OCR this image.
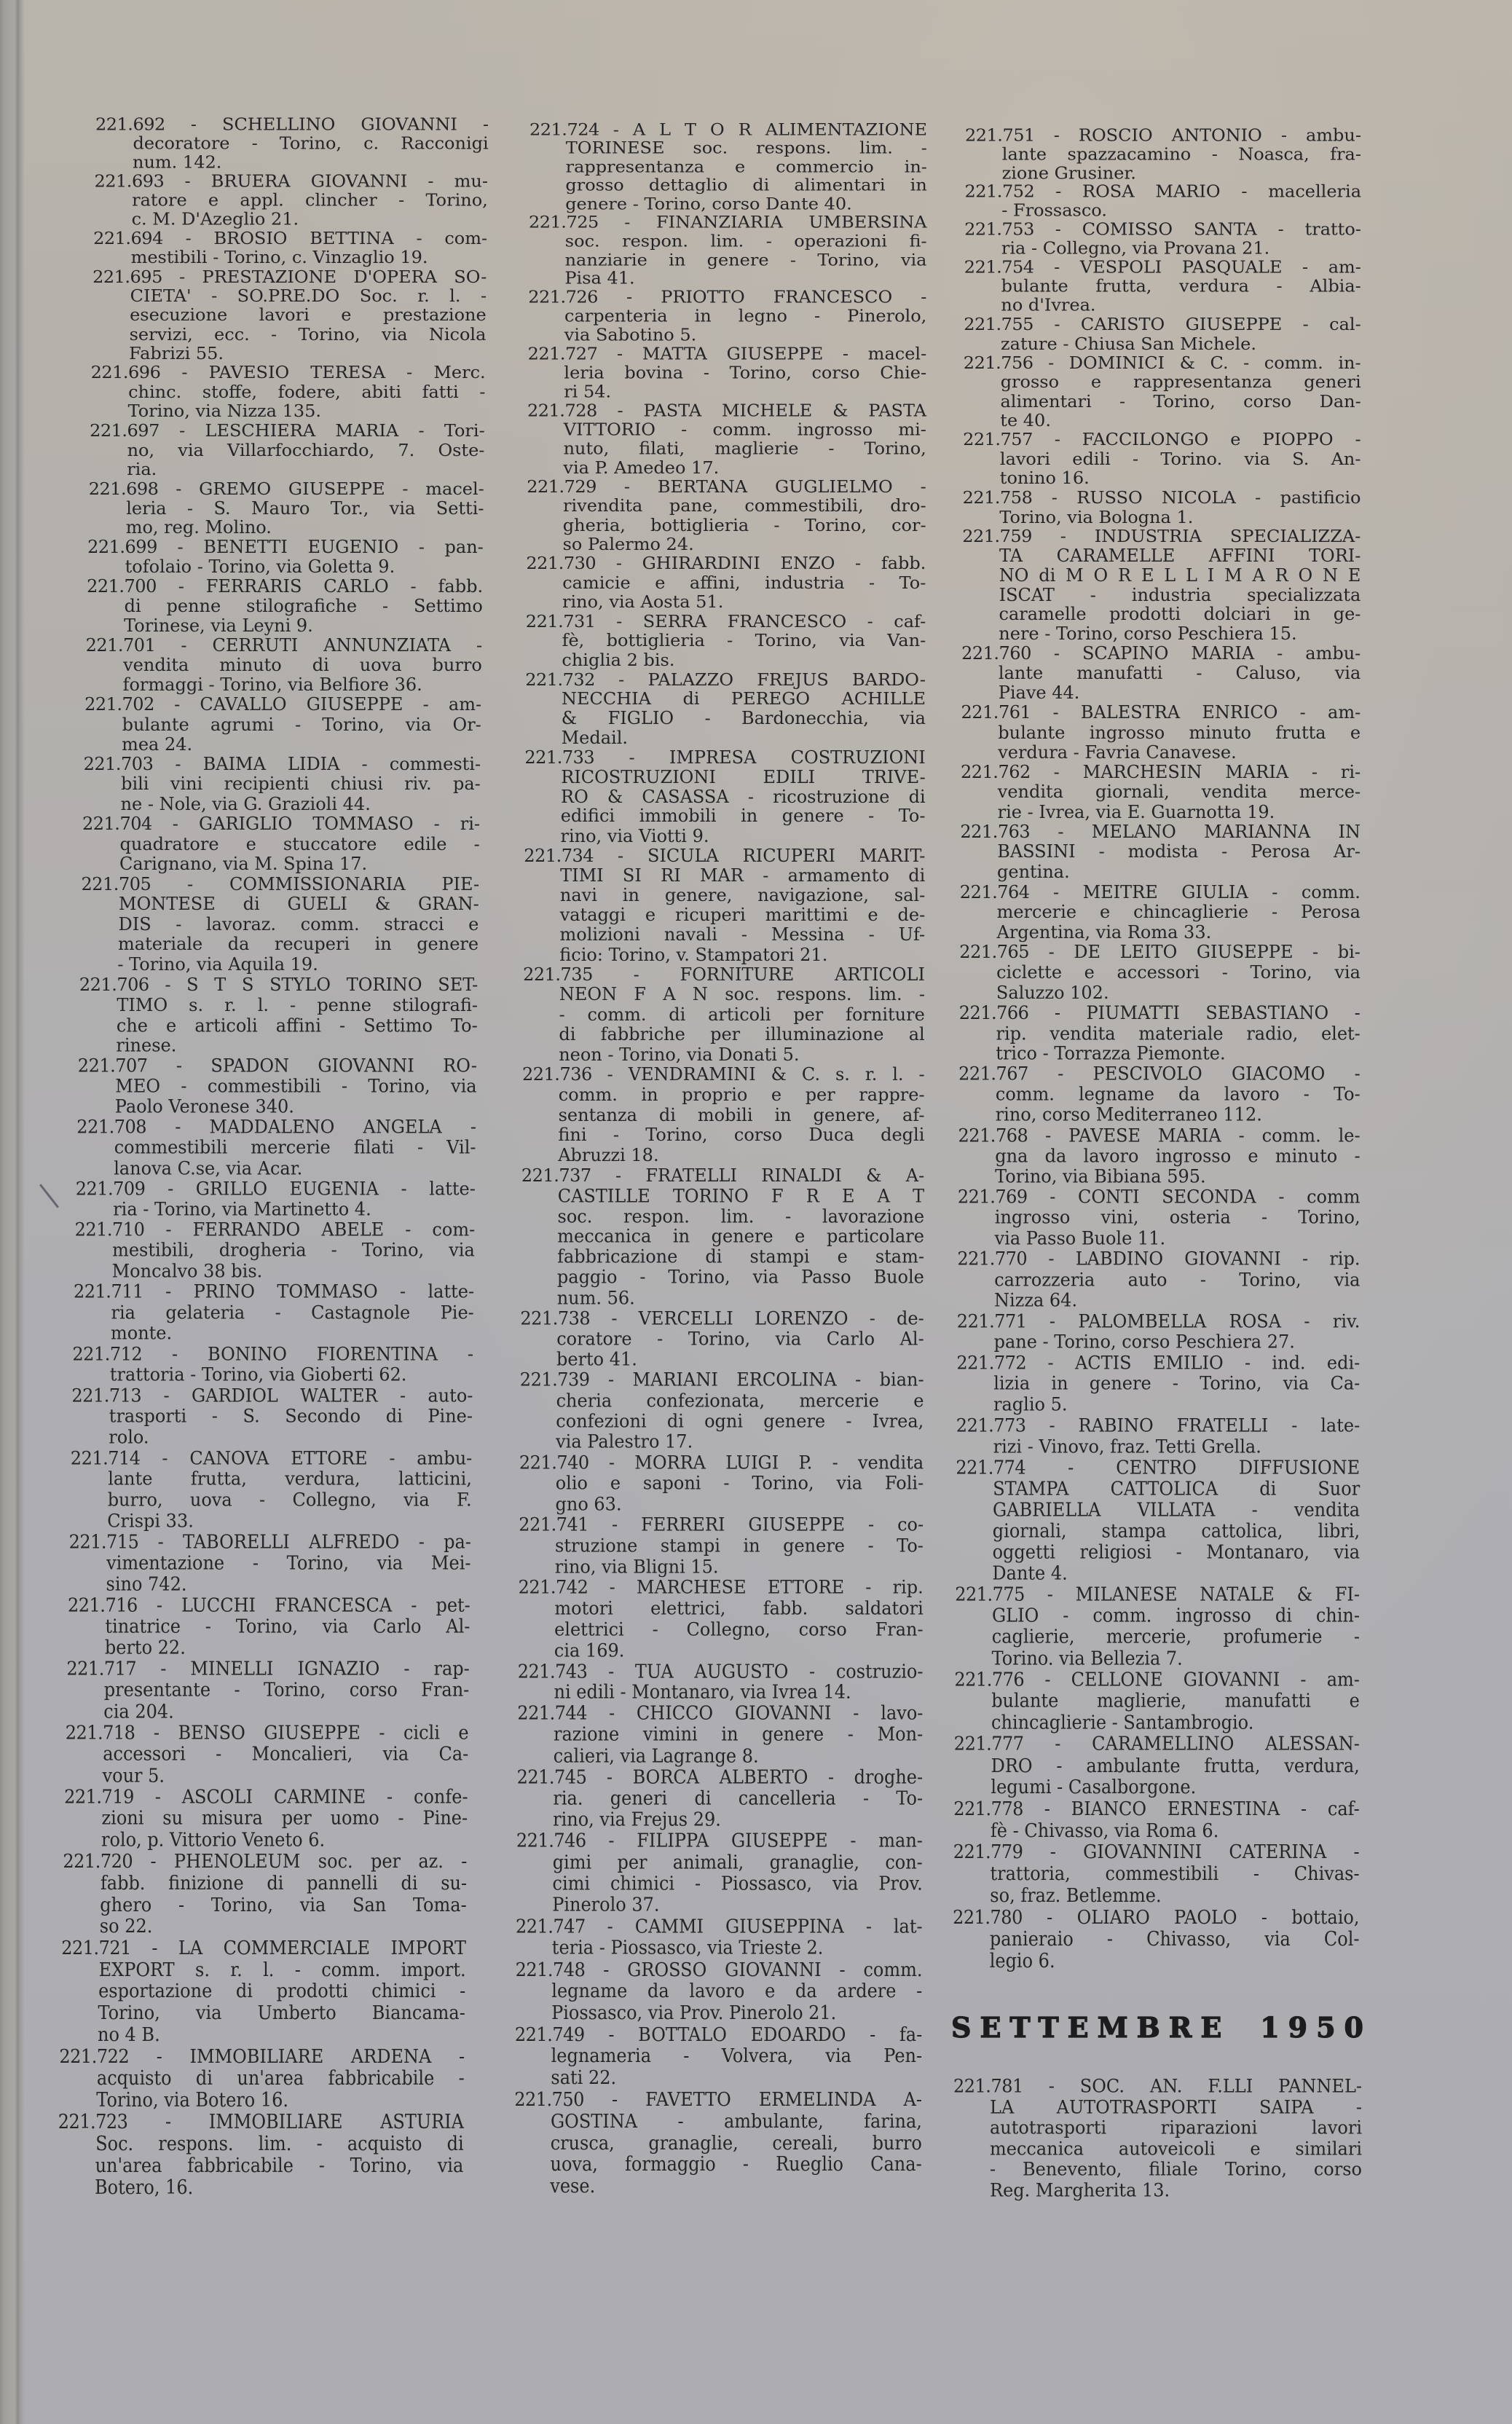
221.692 - SCHELLINO GIOVANNI -
decoratore - Torino, c. Racconigi
num. 142.
221.693 - BRUERA GIOVANNI - mu-
ratore e appl. clincher - Torino,
c. M. D'Azeglio 21.
221.694 - BROSIO BETTINA - com-
mestibili - Torino, c. Vinzaglio 19.
221.695 - PRESTAZIONE D'OPERA SO-
CIETA' - SO.PRE.DO Soc. r. l. -
esecuzione lavori e prestazione
servizi, ecc. - Torino, via Nicola
Fabrizi 55.
221.696 - PAVESIO TERESA - Merc.
chinc. stoffe, fodere, abiti fatti -
Torino, via Nizza 135.
221.697 - LESCHIERA MARIA - Tori-
no, via Villarfocchiardo, 7. Oste-
ria.
221.698 - GREMO GIUSEPPE - macel-
leria - S. Mauro Tor., via Setti-
mo, reg. Molino.
221.699 - BENETTI EUGENIO - pan-
tofolaio - Torino, via Goletta 9.
221.700 - FERRARIS CARLO - fabb.
di penne stilografiche - Settimo
Torinese, via Leyni 9.
221.701 - CERRUTI ANNUNZIATA -
vendita minuto di uova burro
formaggi - Torino, via Belfiore 36.
221.702 - CAVALLO GIUSEPPE - am-
bulante agrumi - Torino, via Or-
mea 24.
221.703 - BAIMA LIDIA - commesti-
bili vini recipienti chiusi riv. pa-
ne - Nole, via G. Grazioli 44.
221.704 - GARIGLIO TOMMASO - ri-
quadratore e stuccatore edile -
Carignano, via M. Spina 17.
221.705 - COMMISSIONARIA PIE-
MONTESE di GUELI & GRAN-
DIS - lavoraz. comm. stracci e
materiale da recuperi in genere
- Torino, via Aquila 19.
221.706 - S T S STYLO TORINO SET-
TIMO s. r. l. - penne stilografi-
che e articoli affini - Settimo To-
rinese.
221.707 - SPADON GIOVANNI RO-
MEO - commestibili - Torino, via
Paolo Veronese 340.
221.708 - MADDALENO ANGELA -
commestibili mercerie filati - Vil-
lanova C.se, via Acar.
221.709 - GRILLO EUGENIA - latte-
ria - Torino, via Martinetto 4.
221.710 - FERRANDO ABELE - com-
mestibili, drogheria - Torino, via
Moncalvo 38 bis.
221.711 - PRINO TOMMASO - latte-
ria gelateria - Castagnole Pie-
monte.
221.712 - BONINO FIORENTINA -
trattoria - Torino, via Gioberti 62.
221.713 - GARDIOL WALTER - auto-
trasporti - S. Secondo di Pine-
rolo.
221.714 - CANOVA ETTORE - ambu-
lante frutta, verdura, latticini,
burro, uova - Collegno, via F.
Crispi 33.
221.715 - TABORELLI ALFREDO - pa-
vimentazione - Torino, via Mei-
sino 742.
221.716 - LUCCHI FRANCESCA - pet-
tinatrice - Torino, via Carlo Al-
berto 22.
221.717 - MINELLI IGNAZIO - rap-
presentante - Torino, corso Fran-
cia 204.
221.718 - BENSO GIUSEPPE - cicli e
accessori - Moncalieri, via Ca-
vour 5.
221.719 - ASCOLI CARMINE - confe-
zioni su misura per uomo - Pine-
rolo, p. Vittorio Veneto 6.
221.720 - PHENOLEUM soc. per az. -
fabb. finizione di pannelli di su-
ghero - Torino, via San Toma-
so 22.
221.721 - LA COMMERCIALE IMPORT
EXPORT s. r. l. - comm. import.
esportazione di prodotti chimici -
Torino, via Umberto Biancama-
no 4 B.
221.722 - IMMOBILIARE ARDENA -
acquisto di un'area fabbricabile -
Torino, via Botero 16.
221.723 - IMMOBILIARE ASTURIA
Soc. respons. lim. - acquisto di
un'area fabbricabile - Torino, via
Botero, 16.
221.724 - A L T O R ALIMENTAZIONE
TORINESE soc. respons. lim. -
rappresentanza e commercio in-
grosso dettaglio di alimentari in
genere - Torino, corso Dante 40.
221.725 - FINANZIARIA UMBERSINA
soc. respon. lim. - operazioni fi-
nanziarie in genere - Torino, via
Pisa 41.
221.726 - PRIOTTO FRANCESCO -
carpenteria in legno - Pinerolo,
via Sabotino 5.
221.727 - MATTA GIUSEPPE - macel-
leria bovina - Torino, corso Chie-
ri 54.
221.728 - PASTA MICHELE & PASTA
VITTORIO - comm. ingrosso mi-
nuto, filati, maglierie - Torino,
via P. Amedeo 17.
221.729 - BERTANA GUGLIELMO -
rivendita pane, commestibili, dro-
gheria, bottiglieria - Torino, cor-
so Palermo 24.
221.730 - GHIRARDINI ENZO - fabb.
camicie e affini, industria - To-
rino, via Aosta 51.
221.731 - SERRA FRANCESCO - caf-
fè, bottiglieria - Torino, via Van-
chiglia 2 bis.
221.732 - PALAZZO FREJUS BARDO-
NECCHIA di PEREGO ACHILLE
& FIGLIO - Bardonecchia, via
Medail.
221.733 - IMPRESA COSTRUZIONI
RICOSTRUZIONI EDILI TRIVE-
RO & CASASSA - ricostruzione di
edifici immobili in genere - To-
rino, via Viotti 9.
221.734 - SICULA RICUPERI MARIT-
TIMI SI RI MAR - armamento di
navi in genere, navigazione, sal-
vataggi e ricuperi marittimi e de-
molizioni navali - Messina - Uf-
ficio: Torino, v. Stampatori 21.
221.735 - FORNITURE ARTICOLI
NEON F A N soc. respons. lim. -
- comm. di articoli per forniture
di fabbriche per illuminazione al
neon - Torino, via Donati 5.
221.736 - VENDRAMINI & C. s. r. l. -
comm. in proprio e per rappre-
sentanza di mobili in genere, af-
fini - Torino, corso Duca degli
Abruzzi 18.
221.737 - FRATELLI RINALDI & A-
CASTILLE TORINO F R E A T
soc. respon. lim. - lavorazione
meccanica in genere e particolare
fabbricazione di stampi e stam-
paggio - Torino, via Passo Buole
num. 56.
221.738 - VERCELLI LORENZO - de-
coratore - Torino, via Carlo Al-
berto 41.
221.739 - MARIANI ERCOLINA - bian-
cheria confezionata, mercerie e
confezioni di ogni genere - Ivrea,
via Palestro 17.
221.740 - MORRA LUIGI P. - vendita
olio e saponi - Torino, via Foli-
gno 63.
221.741 - FERRERI GIUSEPPE - co-
struzione stampi in genere - To-
rino, via Bligni 15.
221.742 - MARCHESE ETTORE - rip.
motori elettrici, fabb. saldatori
elettrici - Collegno, corso Fran-
cia 169.
221.743 - TUA AUGUSTO - costruzio-
ni edili - Montanaro, via Ivrea 14.
221.744 - CHICCO GIOVANNI - lavo-
razione vimini in genere - Mon-
calieri, via Lagrange 8.
221.745 - BORCA ALBERTO - droghe-
ria. generi di cancelleria - To-
rino, via Frejus 29.
221.746 - FILIPPA GIUSEPPE - man-
gimi per animali, granaglie, con-
cimi chimici - Piossasco, via Prov.
Pinerolo 37.
221.747 - CAMMI GIUSEPPINA - lat-
teria - Piossasco, via Trieste 2.
221.748 - GROSSO GIOVANNI - comm.
legname da lavoro e da ardere -
Piossasco, via Prov. Pinerolo 21.
221.749 - BOTTALO EDOARDO - fa-
legnameria - Volvera, via Pen-
sati 22.
221.750 - FAVETTO ERMELINDA A-
GOSTINA - ambulante, farina,
crusca, granaglie, cereali, burro
uova, formaggio - Rueglio Cana-
vese.
221.751 - ROSCIO ANTONIO - ambu-
lante spazzacamino - Noasca, fra-
zione Grusiner.
221.752 - ROSA MARIO - macelleria
- Frossasco.
221.753 - COMISSO SANTA - tratto-
ria - Collegno, via Provana 21.
221.754 - VESPOLI PASQUALE - am-
bulante frutta, verdura - Albia-
no d'Ivrea.
221.755 - CARISTO GIUSEPPE - cal-
zature - Chiusa San Michele.
221.756 - DOMINICI & C. - comm. in-
grosso e rappresentanza generi
alimentari - Torino, corso Dan-
te 40.
221.757 - FACCILONGO e PIOPPO -
lavori edili - Torino. via S. An-
tonino 16.
221.758 - RUSSO NICOLA - pastificio
Torino, via Bologna 1.
221.759 - INDUSTRIA SPECIALIZZA-
TA CARAMELLE AFFINI TORI-
NO di M O R E L L I M A R O N E
ISCAT - industria specializzata
caramelle prodotti dolciari in ge-
nere - Torino, corso Peschiera 15.
221.760 - SCAPINO MARIA - ambu-
lante manufatti - Caluso, via
Piave 44.
221.761 - BALESTRA ENRICO - am-
bulante ingrosso minuto frutta e
verdura - Favria Canavese.
221.762 - MARCHESIN MARIA - ri-
vendita giornali, vendita merce-
rie - Ivrea, via E. Guarnotta 19.
221.763 - MELANO MARIANNA IN
BASSINI - modista - Perosa Ar-
gentina.
221.764 - MEITRE GIULIA - comm.
mercerie e chincaglierie - Perosa
Argentina, via Roma 33.
221.765 - DE LEITO GIUSEPPE - bi-
ciclette e accessori - Torino, via
Saluzzo 102.
221.766 - PIUMATTI SEBASTIANO -
rip. vendita materiale radio, elet-
trico - Torrazza Piemonte.
221.767 - PESCIVOLO GIACOMO -
comm. legname da lavoro - To-
rino, corso Mediterraneo 112.
221.768 - PAVESE MARIA - comm. le-
gna da lavoro ingrosso e minuto -
Torino, via Bibiana 595.
221.769 - CONTI SECONDA - comm
ingrosso vini, osteria - Torino,
via Passo Buole 11.
221.770 - LABDINO GIOVANNI - rip.
carrozzeria auto - Torino, via
Nizza 64.
221.771 - PALOMBELLA ROSA - riv.
pane - Torino, corso Peschiera 27.
221.772 - ACTIS EMILIO - ind. edi-
lizia in genere - Torino, via Ca-
raglio 5.
221.773 - RABINO FRATELLI - late-
rizi - Vinovo, fraz. Tetti Grella.
221.774 - CENTRO DIFFUSIONE
STAMPA CATTOLICA di Suor
GABRIELLA VILLATA - vendita
giornali, stampa cattolica, libri,
oggetti religiosi - Montanaro, via
Dante 4.
221.775 - MILANESE NATALE & FI-
GLIO - comm. ingrosso di chin-
caglierie, mercerie, profumerie -
Torino. via Bellezia 7.
221.776 - CELLONE GIOVANNI - am-
bulante maglierie, manufatti e
chincaglierie - Santambrogio.
221.777 - CARAMELLINO ALESSAN-
DRO - ambulante frutta, verdura,
legumi - Casalborgone.
221.778 - BIANCO ERNESTINA - caf-
fè - Chivasso, via Roma 6.
221.779 - GIOVANNINI CATERINA -
trattoria, commestibili - Chivas-
so, fraz. Betlemme.
221.780 - OLIARO PAOLO - bottaio,
panieraio - Chivasso, via Col-
legio 6.
SETTEMBRE 1950
221.781 - SOC. AN. F.LLI PANNEL-
LA AUTOTRASPORTI SAIPA -
autotrasporti riparazioni lavori
meccanica autoveicoli e similari
- Benevento, filiale Torino, corso
Reg. Margherita 13.
